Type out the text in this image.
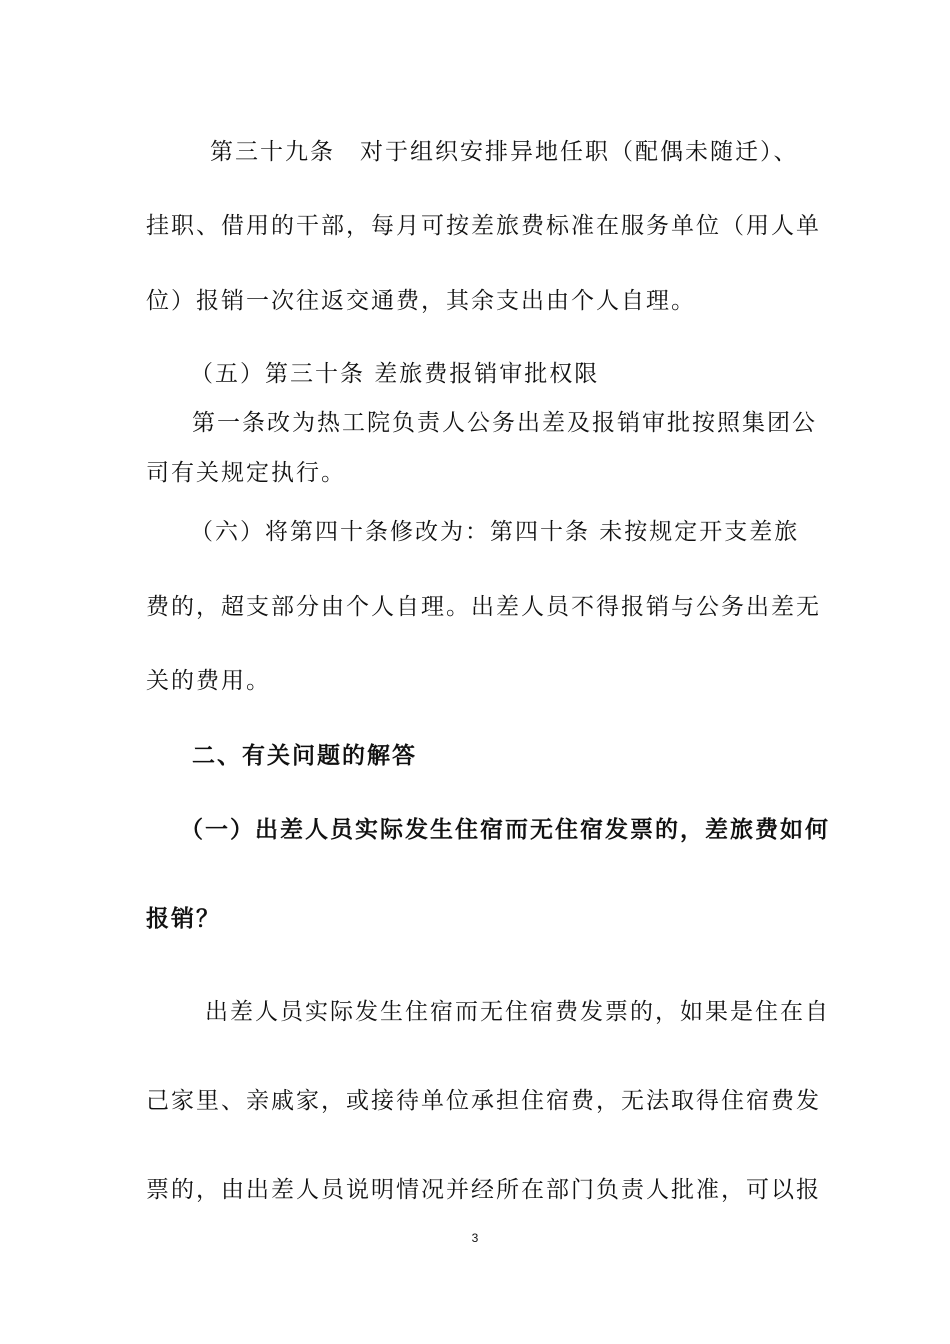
第三十九条　对于组织安排异地任职（配偶未随迁）、
挂职、借用的干部，每月可按差旅费标准在服务单位（用人单
位）报销一次往返交通费，其余支出由个人自理。
（五）第三十条 差旅费报销审批权限
第一条改为热工院负责人公务出差及报销审批按照集团公
司有关规定执行。
（六）将第四十条修改为：第四十条 未按规定开支差旅
费的，超支部分由个人自理。出差人员不得报销与公务出差无
关的费用。
二、有关问题的解答
（一）出差人员实际发生住宿而无住宿发票的，差旅费如何
报销？
出差人员实际发生住宿而无住宿费发票的，如果是住在自
己家里、亲戚家，或接待单位承担住宿费，无法取得住宿费发
票的，由出差人员说明情况并经所在部门负责人批准，可以报
3
